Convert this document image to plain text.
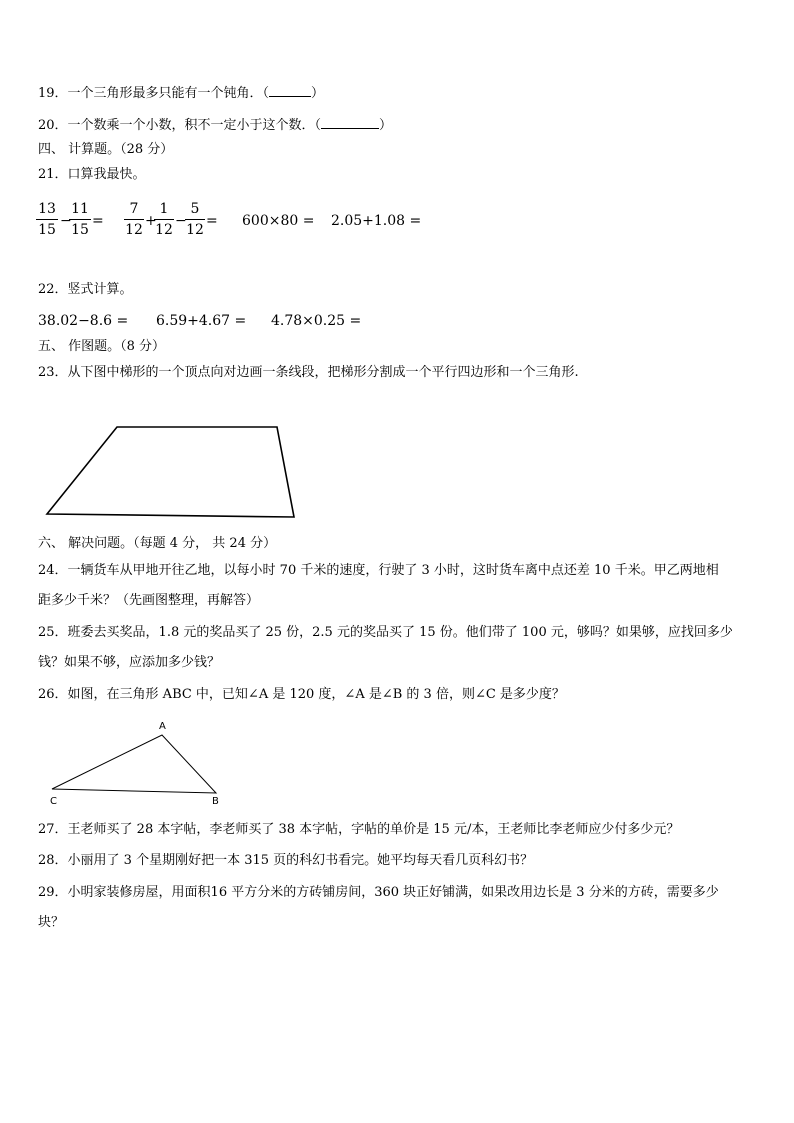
19．一个三角形最多只能有一个钝角．（	）
20．一个数乘一个小数，积不一定小于这个数．（	）
四、 计算题。（28 分）
21．口算我最快。
13
15
−
11
15
=
7
12
+
1
12
−
5
12
= 600×80 = 2.05+1.08 =
22．竖式计算。
38.02−8.6 = 6.59+4.67 = 4.78×0.25 =
五、 作图题。（8 分）
23．从下图中梯形的一个顶点向对边画一条线段，把梯形分割成一个平行四边形和一个三角形.
六、 解决问题。（每题 4 分， 共 24 分）
24．一辆货车从甲地开往乙地，以每小时 70 千米的速度，行驶了 3 小时，这时货车离中点还差 10 千米。甲乙两地相
距多少千米？（先画图整理，再解答）
25．班委去买奖品，1.8 元的奖品买了 25 份，2.5 元的奖品买了 15 份。他们带了 100 元，够吗？如果够，应找回多少
钱？如果不够，应添加多少钱？
26．如图，在三角形 ABC 中，已知∠A 是 120 度，∠A 是∠B 的 3 倍，则∠C 是多少度？
A
B
C
27．王老师买了 28 本字帖，李老师买了 38 本字帖，字帖的单价是 15 元/本，王老师比李老师应少付多少元？
28．小丽用了 3 个星期刚好把一本 315 页的科幻书看完。她平均每天看几页科幻书？
29．小明家装修房屋，用面积16 平方分米的方砖铺房间，360 块正好铺满，如果改用边长是 3 分米的方砖，需要多少
块？
